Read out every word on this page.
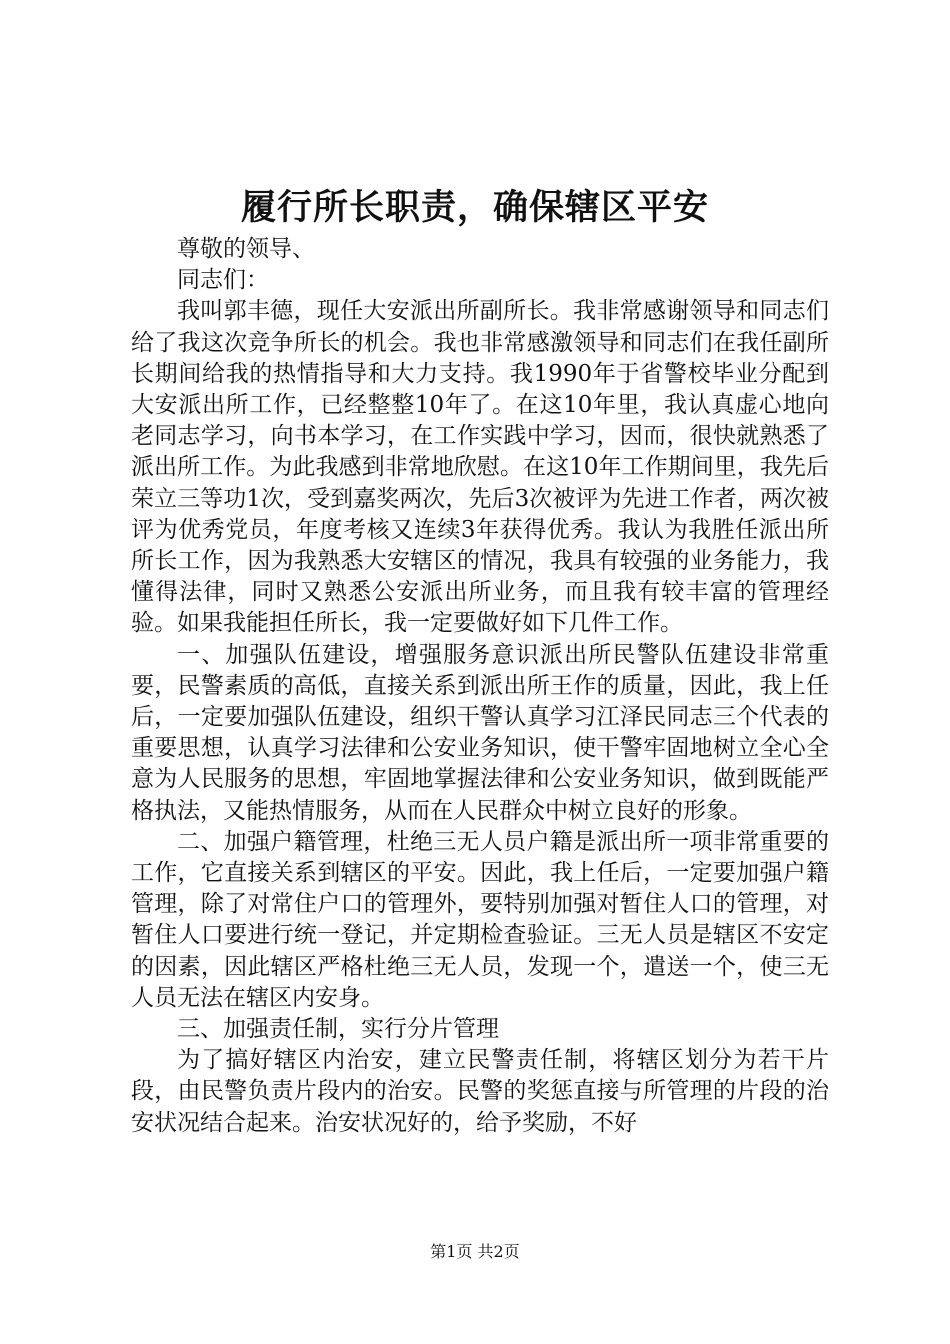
履行所长职责，确保辖区平安

尊敬的领导、

同志们：

我叫郭丰德，现任大安派出所副所长。我非常感谢领导和同志们给了我这次竞争所长的机会。我也非常感激领导和同志们在我任副所长期间给我的热情指导和大力支持。我1990年于省警校毕业分配到大安派出所工作，已经整整10年了。在这10年里，我认真虚心地向老同志学习，向书本学习，在工作实践中学习，因而，很快就熟悉了派出所工作。为此我感到非常地欣慰。在这10年工作期间里，我先后荣立三等功1次，受到嘉奖两次，先后3次被评为先进工作者，两次被评为优秀党员，年度考核又连续3年获得优秀。我认为我胜任派出所所长工作，因为我熟悉大安辖区的情况，我具有较强的业务能力，我懂得法律，同时又熟悉公安派出所业务，而且我有较丰富的管理经验。如果我能担任所长，我一定要做好如下几件工作。

一、加强队伍建设，增强服务意识派出所民警队伍建设非常重要，民警素质的高低，直接关系到派出所王作的质量，因此，我上任后，一定要加强队伍建设，组织干警认真学习江泽民同志三个代表的重要思想，认真学习法律和公安业务知识，使干警牢固地树立全心全意为人民服务的思想，牢固地掌握法律和公安业务知识，做到既能严格执法，又能热情服务，从而在人民群众中树立良好的形象。

二、加强户籍管理，杜绝三无人员户籍是派出所一项非常重要的工作，它直接关系到辖区的平安。因此，我上任后，一定要加强户籍管理，除了对常住户口的管理外，要特别加强对暂住人口的管理，对暂住人口要进行统一登记，并定期检查验证。三无人员是辖区不安定的因素，因此辖区严格杜绝三无人员，发现一个，遣送一个，使三无人员无法在辖区内安身。

三、加强责任制，实行分片管理

为了搞好辖区内治安，建立民警责任制，将辖区划分为若干片段，由民警负责片段内的治安。民警的奖惩直接与所管理的片段的治安状况结合起来。治安状况好的，给予奖励，不好

第1页 共2页
